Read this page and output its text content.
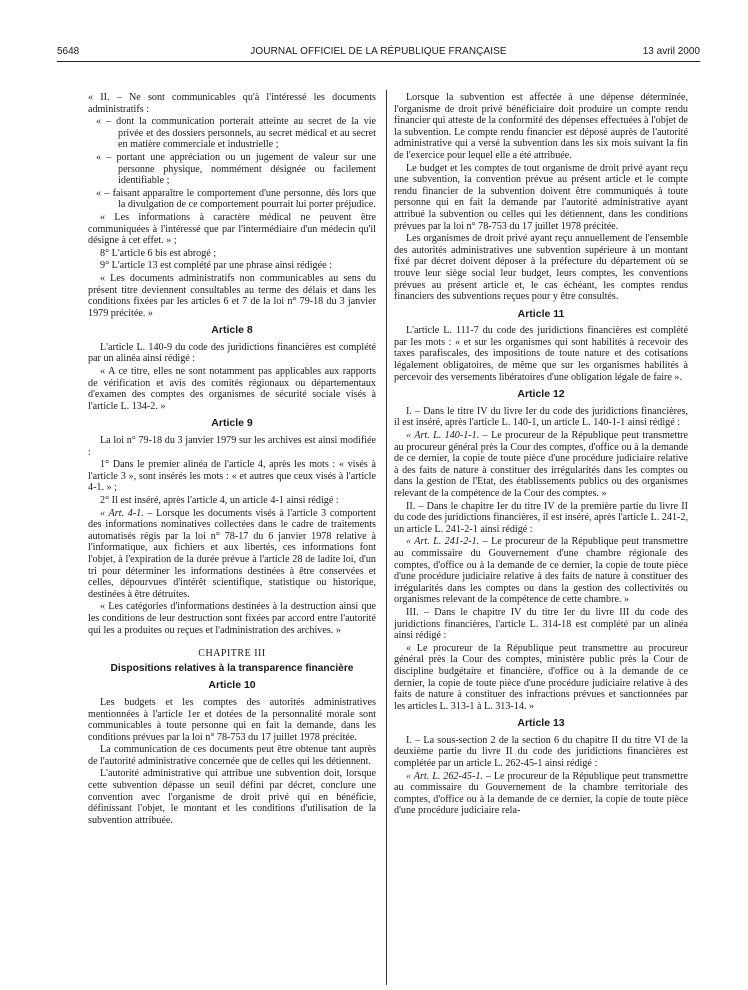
5648	JOURNAL OFFICIEL DE LA RÉPUBLIQUE FRANÇAISE	13 avril 2000

« II. – Ne sont communicables qu'à l'intéressé les documents administratifs :

« – dont la communication porterait atteinte au secret de la vie privée et des dossiers personnels, au secret médical et au secret en matière commerciale et industrielle ;

« – portant une appréciation ou un jugement de valeur sur une personne physique, nommément désignée ou facilement identifiable ;

« – faisant apparaître le comportement d'une personne, dès lors que la divulgation de ce comportement pourrait lui porter préjudice.

« Les informations à caractère médical ne peuvent être communiquées à l'intéressé que par l'intermédiaire d'un médecin qu'il désigne à cet effet. » ;

8° L'article 6 bis est abrogé ;

9° L'article 13 est complété par une phrase ainsi rédigée :

« Les documents administratifs non communicables au sens du présent titre deviennent consultables au terme des délais et dans les conditions fixées par les articles 6 et 7 de la loi n° 79-18 du 3 janvier 1979 précitée. »

Article 8

L'article L. 140-9 du code des juridictions financières est complété par un alinéa ainsi rédigé :

« A ce titre, elles ne sont notamment pas applicables aux rapports de vérification et avis des comités régionaux ou départementaux d'examen des comptes des organismes de sécurité sociale visés à l'article L. 134-2. »

Article 9

La loi n° 79-18 du 3 janvier 1979 sur les archives est ainsi modifiée :

1° Dans le premier alinéa de l'article 4, après les mots : « visés à l'article 3 », sont insérés les mots : « et autres que ceux visés à l'article 4-1. » ;

2° Il est inséré, après l'article 4, un article 4-1 ainsi rédigé :

« Art. 4-1. – Lorsque les documents visés à l'article 3 comportent des informations nominatives collectées dans le cadre de traitements automatisés régis par la loi n° 78-17 du 6 janvier 1978 relative à l'informatique, aux fichiers et aux libertés, ces informations font l'objet, à l'expiration de la durée prévue à l'article 28 de ladite loi, d'un tri pour déterminer les informations destinées à être conservées et celles, dépourvues d'intérêt scientifique, statistique ou historique, destinées à être détruites.

« Les catégories d'informations destinées à la destruction ainsi que les conditions de leur destruction sont fixées par accord entre l'autorité qui les a produites ou reçues et l'administration des archives. »

CHAPITRE III
Dispositions relatives à la transparence financière
Article 10

Les budgets et les comptes des autorités administratives mentionnées à l'article 1er et dotées de la personnalité morale sont communicables à toute personne qui en fait la demande, dans les conditions prévues par la loi n° 78-753 du 17 juillet 1978 précitée.

La communication de ces documents peut être obtenue tant auprès de l'autorité administrative concernée que de celles qui les détiennent.

L'autorité administrative qui attribue une subvention doit, lorsque cette subvention dépasse un seuil défini par décret, conclure une convention avec l'organisme de droit privé qui en bénéficie, définissant l'objet, le montant et les conditions d'utilisation de la subvention attribuée.

Lorsque la subvention est affectée à une dépense déterminée, l'organisme de droit privé bénéficiaire doit produire un compte rendu financier qui atteste de la conformité des dépenses effectuées à l'objet de la subvention. Le compte rendu financier est déposé auprès de l'autorité administrative qui a versé la subvention dans les six mois suivant la fin de l'exercice pour lequel elle a été attribuée.

Le budget et les comptes de tout organisme de droit privé ayant reçu une subvention, la convention prévue au présent article et le compte rendu financier de la subvention doivent être communiqués à toute personne qui en fait la demande par l'autorité administrative ayant attribué la subvention ou celles qui les détiennent, dans les conditions prévues par la loi n° 78-753 du 17 juillet 1978 précitée.

Les organismes de droit privé ayant reçu annuellement de l'ensemble des autorités administratives une subvention supérieure à un montant fixé par décret doivent déposer à la préfecture du département où se trouve leur siège social leur budget, leurs comptes, les conventions prévues au présent article et, le cas échéant, les comptes rendus financiers des subventions reçues pour y être consultés.

Article 11

L'article L. 111-7 du code des juridictions financières est complété par les mots : « et sur les organismes qui sont habilités à recevoir des taxes parafiscales, des impositions de toute nature et des cotisations légalement obligatoires, de même que sur les organismes habilités à percevoir des versements libératoires d'une obligation légale de faire ».

Article 12

I. – Dans le titre IV du livre Ier du code des juridictions financières, il est inséré, après l'article L. 140-1, un article L. 140-1-1 ainsi rédigé :

« Art. L. 140-1-1. – Le procureur de la République peut transmettre au procureur général près la Cour des comptes, d'office ou à la demande de ce dernier, la copie de toute pièce d'une procédure judiciaire relative à des faits de nature à constituer des irrégularités dans les comptes ou dans la gestion de l'Etat, des établissements publics ou des organismes relevant de la compétence de la Cour des comptes. »

II. – Dans le chapitre Ier du titre IV de la première partie du livre II du code des juridictions financières, il est inséré, après l'article L. 241-2, un article L. 241-2-1 ainsi rédigé :

« Art. L. 241-2-1. – Le procureur de la République peut transmettre au commissaire du Gouvernement d'une chambre régionale des comptes, d'office ou à la demande de ce dernier, la copie de toute pièce d'une procédure judiciaire relative à des faits de nature à constituer des irrégularités dans les comptes ou dans la gestion des collectivités ou organismes relevant de la compétence de cette chambre. »

III. – Dans le chapitre IV du titre Ier du livre III du code des juridictions financières, l'article L. 314-18 est complété par un alinéa ainsi rédigé :

« Le procureur de la République peut transmettre au procureur général près la Cour des comptes, ministère public près la Cour de discipline budgétaire et financière, d'office ou à la demande de ce dernier, la copie de toute pièce d'une procédure judiciaire relative à des faits de nature à constituer des infractions prévues et sanctionnées par les articles L. 313-1 à L. 313-14. »

Article 13

I. – La sous-section 2 de la section 6 du chapitre II du titre VI de la deuxième partie du livre II du code des juridictions financières est complétée par un article L. 262-45-1 ainsi rédigé :

« Art. L. 262-45-1. – Le procureur de la République peut transmettre au commissaire du Gouvernement de la chambre territoriale des comptes, d'office ou à la demande de ce dernier, la copie de toute pièce d'une procédure judiciaire rela-
